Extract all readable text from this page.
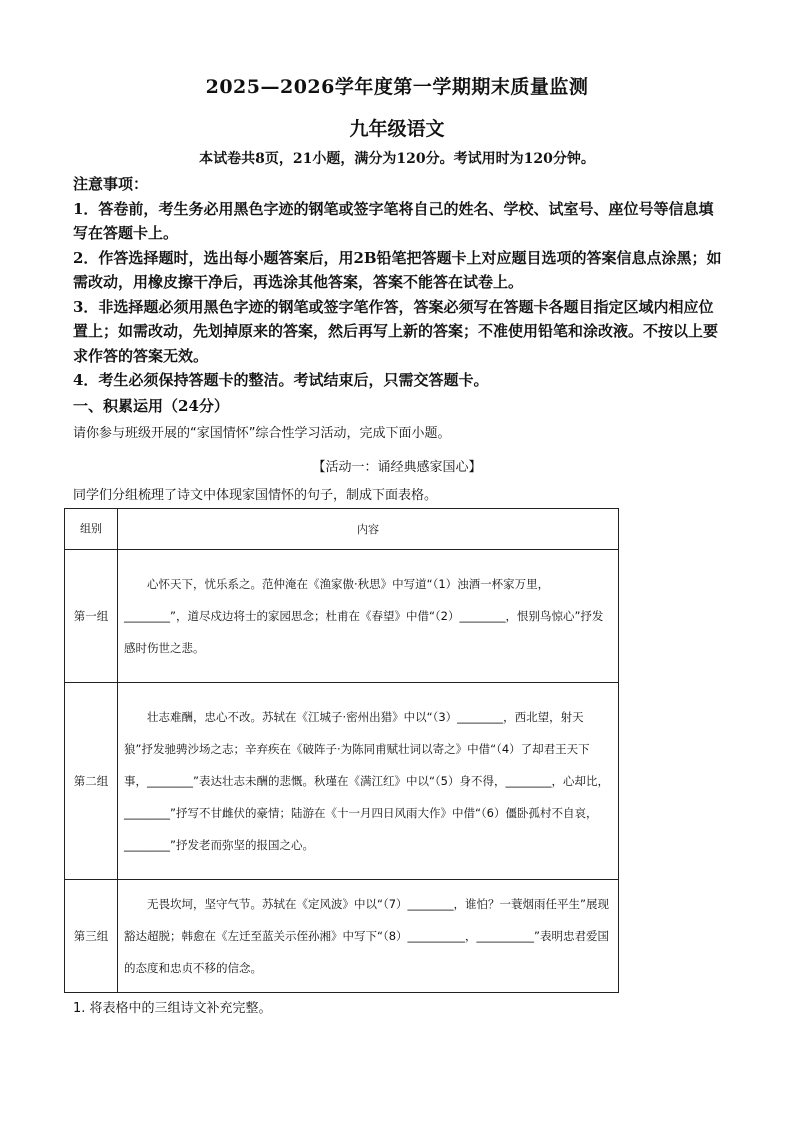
2025—2026学年度第一学期期末质量监测
九年级语文
本试卷共8页，21小题，满分为120分。考试用时为120分钟。

注意事项：

1．答卷前，考生务必用黑色字迹的钢笔或签字笔将自己的姓名、学校、试室号、座位号等信息填写在答题卡上。

2．作答选择题时，选出每小题答案后，用2B铅笔把答题卡上对应题目选项的答案信息点涂黑；如需改动，用橡皮擦干净后，再选涂其他答案，答案不能答在试卷上。

3．非选择题必须用黑色字迹的钢笔或签字笔作答，答案必须写在答题卡各题目指定区域内相应位置上；如需改动，先划掉原来的答案，然后再写上新的答案；不准使用铅笔和涂改液。不按以上要求作答的答案无效。

4．考生必须保持答题卡的整洁。考试结束后，只需交答题卡。

一、积累运用（24分）
请你参与班级开展的“家国情怀”综合性学习活动，完成下面小题。
【活动一：诵经典感家国心】
同学们分组梳理了诗文中体现家国情怀的句子，制成下面表格。
组别	内容
第一组	心怀天下，忧乐系之。范仲淹在《渔家傲·秋思》中写道“（1）浊酒一杯家万里，________”，道尽戍边将士的家园思念；杜甫在《春望》中借“（2）________，恨别鸟惊心”抒发感时伤世之悲。
第二组	壮志难酬，忠心不改。苏轼在《江城子·密州出猎》中以“（3）________，西北望，射天狼”抒发驰骋沙场之志；辛弃疾在《破阵子·为陈同甫赋壮词以寄之》中借“（4）了却君王天下事，________”表达壮志未酬的悲慨。秋瑾在《满江红》中以“（5）身不得，________，心却比，________”抒写不甘雌伏的豪情；陆游在《十一月四日风雨大作》中借“（6）僵卧孤村不自哀，________”抒发老而弥坚的报国之心。
第三组	无畏坎坷，坚守气节。苏轼在《定风波》中以“（7）________，谁怕？一蓑烟雨任平生”展现豁达超脱；韩愈在《左迁至蓝关示侄孙湘》中写下“（8）__________，__________”表明忠君爱国的态度和忠贞不移的信念。
1. 将表格中的三组诗文补充完整。
